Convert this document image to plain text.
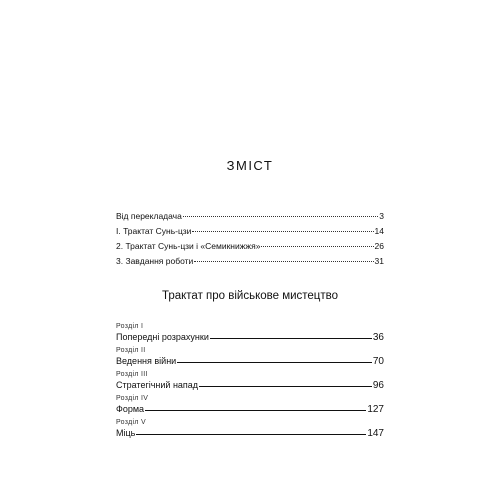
ЗМІСТ
Від перекладача	3
І. Трактат Сунь-цзи	14
2. Трактат Сунь-цзи і «Семикнижжя»	26
3. Завдання роботи	31
Трактат про військове мистецтво
Розділ І
Попередні розрахунки	36
Розділ ІІ
Ведення війни	70
Розділ ІІІ
Стратегічний напад	96
Розділ IV
Форма	127
Розділ V
Міць	147
